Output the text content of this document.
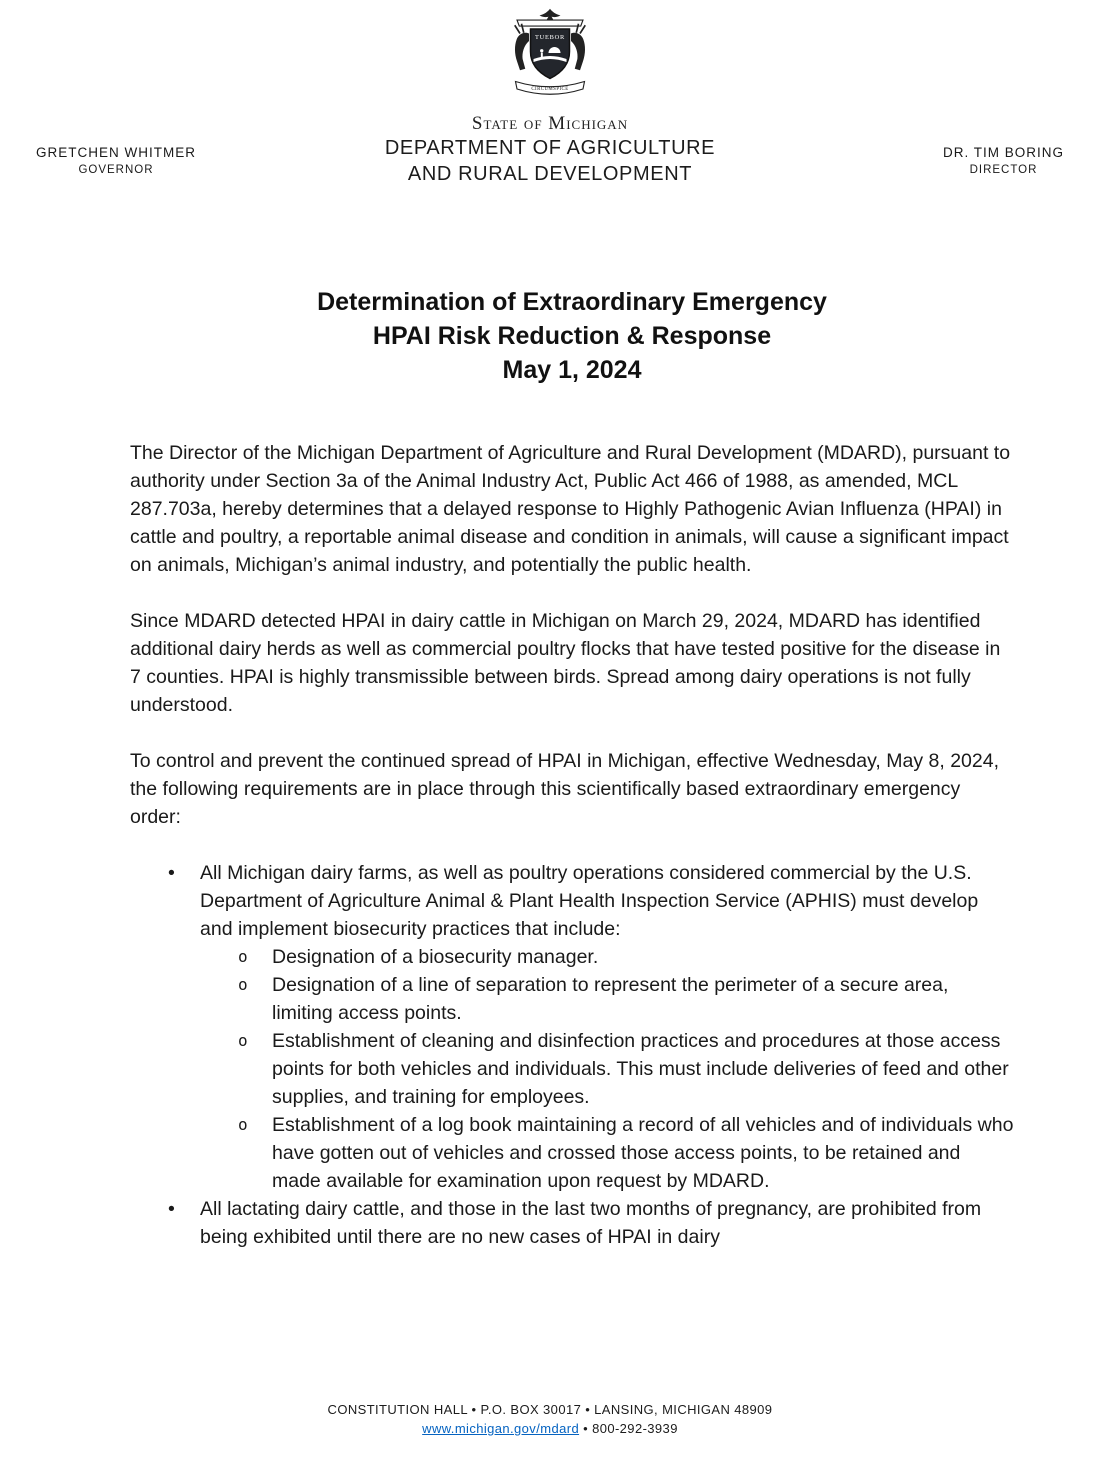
TUEBOR
CIRCUMSPICE
GRETCHEN WHITMER
GOVERNOR
State of Michigan
DEPARTMENT OF AGRICULTURE
AND RURAL DEVELOPMENT
DR. TIM BORING
DIRECTOR
Determination of Extraordinary Emergency
HPAI Risk Reduction & Response
May 1, 2024

The Director of the Michigan Department of Agriculture and Rural Development (MDARD), pursuant to authority under Section 3a of the Animal Industry Act, Public Act 466 of 1988, as amended, MCL 287.703a, hereby determines that a delayed response to Highly Pathogenic Avian Influenza (HPAI) in cattle and poultry, a reportable animal disease and condition in animals, will cause a significant impact on animals, Michigan’s animal industry, and potentially the public health.

Since MDARD detected HPAI in dairy cattle in Michigan on March 29, 2024, MDARD has identified additional dairy herds as well as commercial poultry flocks that have tested positive for the disease in 7 counties. HPAI is highly transmissible between birds. Spread among dairy operations is not fully understood.

To control and prevent the continued spread of HPAI in Michigan, effective Wednesday, May 8, 2024, the following requirements are in place through this scientifically based extraordinary emergency order:

• All Michigan dairy farms, as well as poultry operations considered commercial by the U.S. Department of Agriculture Animal & Plant Health Inspection Service (APHIS) must develop and implement biosecurity practices that include:
o Designation of a biosecurity manager.
o Designation of a line of separation to represent the perimeter of a secure area, limiting access points.
o Establishment of cleaning and disinfection practices and procedures at those access points for both vehicles and individuals. This must include deliveries of feed and other supplies, and training for employees.
o Establishment of a log book maintaining a record of all vehicles and of individuals who have gotten out of vehicles and crossed those access points, to be retained and made available for examination upon request by MDARD.
• All lactating dairy cattle, and those in the last two months of pregnancy, are prohibited from being exhibited until there are no new cases of HPAI in dairy
CONSTITUTION HALL • P.O. BOX 30017 • LANSING, MICHIGAN 48909
www.michigan.gov/mdard • 800-292-3939
